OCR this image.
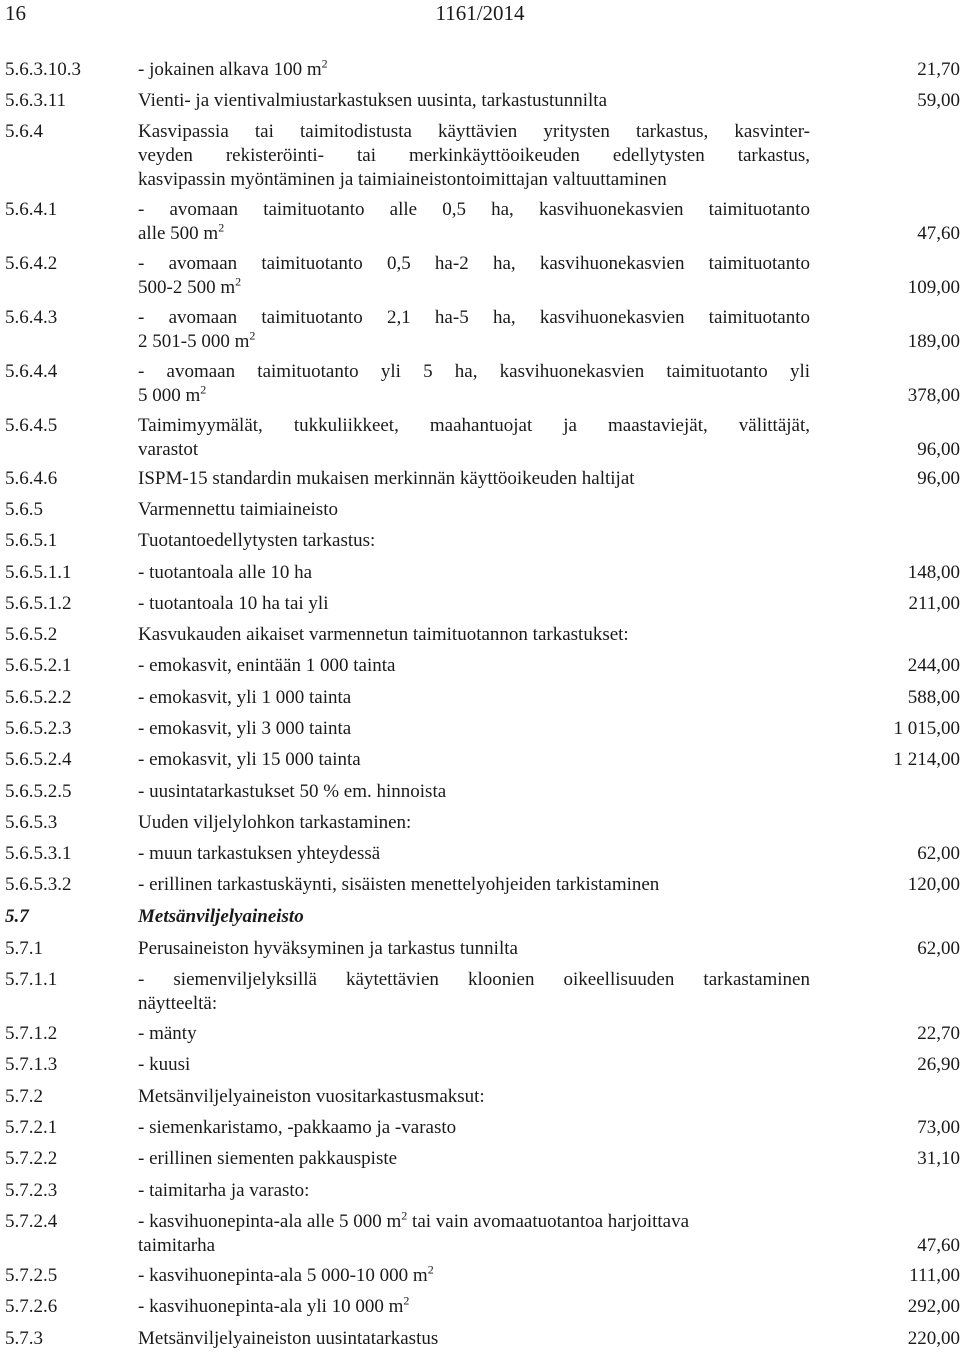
16	1161/2014
5.6.3.10.3	- jokainen alkava 100 $m^2$	21,70
5.6.3.11	Vienti- ja vientivalmiustarkastuksen uusinta, tarkastustunnilta	59,00
5.6.4	Kasvipassia tai taimitodistusta käyttävien yritysten tarkastus, kasvinter-
veyden rekisteröinti- tai merkinkäyttöoikeuden edellytysten tarkastus,
kasvipassin myöntäminen ja taimiaineistontoimittajan valtuuttaminen
5.6.4.1	- avomaan taimituotanto alle 0,5 ha, kasvihuonekasvien taimituotanto
alle 500 $m^2$	47,60
5.6.4.2	- avomaan taimituotanto 0,5 ha-2 ha, kasvihuonekasvien taimituotanto
500-2 500 $m^2$	109,00
5.6.4.3	- avomaan taimituotanto 2,1 ha-5 ha, kasvihuonekasvien taimituotanto
2 501-5 000 $m^2$	189,00
5.6.4.4	- avomaan taimituotanto yli 5 ha, kasvihuonekasvien taimituotanto yli
5 000 $m^2$	378,00
5.6.4.5	Taimimyymälät, tukkuliikkeet, maahantuojat ja maastaviejät, välittäjät,
varastot	96,00
5.6.4.6	ISPM-15 standardin mukaisen merkinnän käyttöoikeuden haltijat	96,00
5.6.5	Varmennettu taimiaineisto
5.6.5.1	Tuotantoedellytysten tarkastus:
5.6.5.1.1	- tuotantoala alle 10 ha	148,00
5.6.5.1.2	- tuotantoala 10 ha tai yli	211,00
5.6.5.2	Kasvukauden aikaiset varmennetun taimituotannon tarkastukset:
5.6.5.2.1	- emokasvit, enintään 1 000 tainta	244,00
5.6.5.2.2	- emokasvit, yli 1 000 tainta	588,00
5.6.5.2.3	- emokasvit, yli 3 000 tainta	1 015,00
5.6.5.2.4	- emokasvit, yli 15 000 tainta	1 214,00
5.6.5.2.5	- uusintatarkastukset 50 % em. hinnoista
5.6.5.3	Uuden viljelylohkon tarkastaminen:
5.6.5.3.1	- muun tarkastuksen yhteydessä	62,00
5.6.5.3.2	- erillinen tarkastuskäynti, sisäisten menettelyohjeiden tarkistaminen	120,00
5.7	Metsänviljelyaineisto
5.7.1	Perusaineiston hyväksyminen ja tarkastus tunnilta	62,00
5.7.1.1	- siemenviljelyksillä käytettävien kloonien oikeellisuuden tarkastaminen
näytteeltä:
5.7.1.2	- mänty	22,70
5.7.1.3	- kuusi	26,90
5.7.2	Metsänviljelyaineiston vuositarkastusmaksut:
5.7.2.1	- siemenkaristamo, -pakkaamo ja -varasto	73,00
5.7.2.2	- erillinen siementen pakkauspiste	31,10
5.7.2.3	- taimitarha ja varasto:
5.7.2.4	- kasvihuonepinta-ala alle 5 000 $m^2$ tai vain avomaatuotantoa harjoittava
taimitarha	47,60
5.7.2.5	- kasvihuonepinta-ala 5 000-10 000 $m^2$	111,00
5.7.2.6	- kasvihuonepinta-ala yli 10 000 $m^2$	292,00
5.7.3	Metsänviljelyaineiston uusintatarkastus	220,00
